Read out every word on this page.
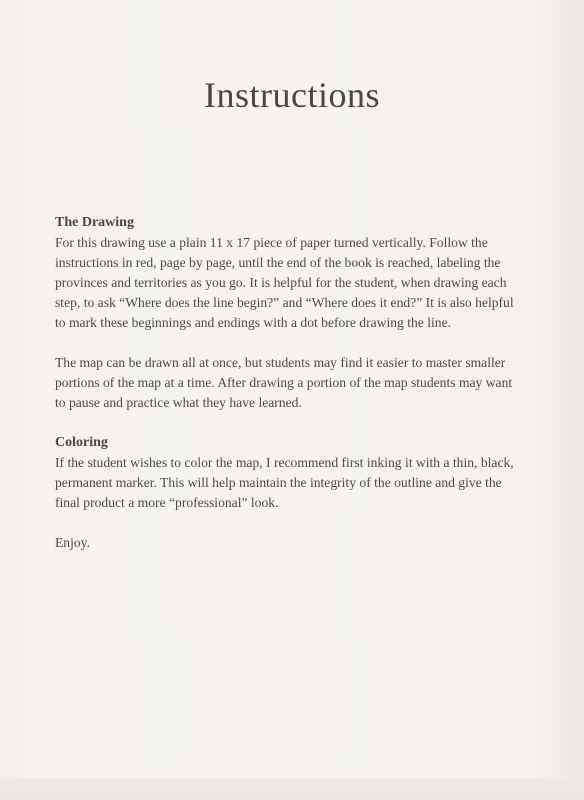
Instructions
The Drawing

For this drawing use a plain 11 x 17 piece of paper turned vertically. Follow the instructions in red, page by page, until the end of the book is reached, labeling the provinces and territories as you go. It is helpful for the student, when drawing each step, to ask “Where does the line begin?” and “Where does it end?” It is also helpful to mark these beginnings and endings with a dot before drawing the line.

The map can be drawn all at once, but students may find it easier to master smaller portions of the map at a time. After drawing a portion of the map students may want to pause and practice what they have learned.

Coloring

If the student wishes to color the map, I recommend first inking it with a thin, black, permanent marker. This will help maintain the integrity of the outline and give the final product a more “professional” look.

Enjoy.
